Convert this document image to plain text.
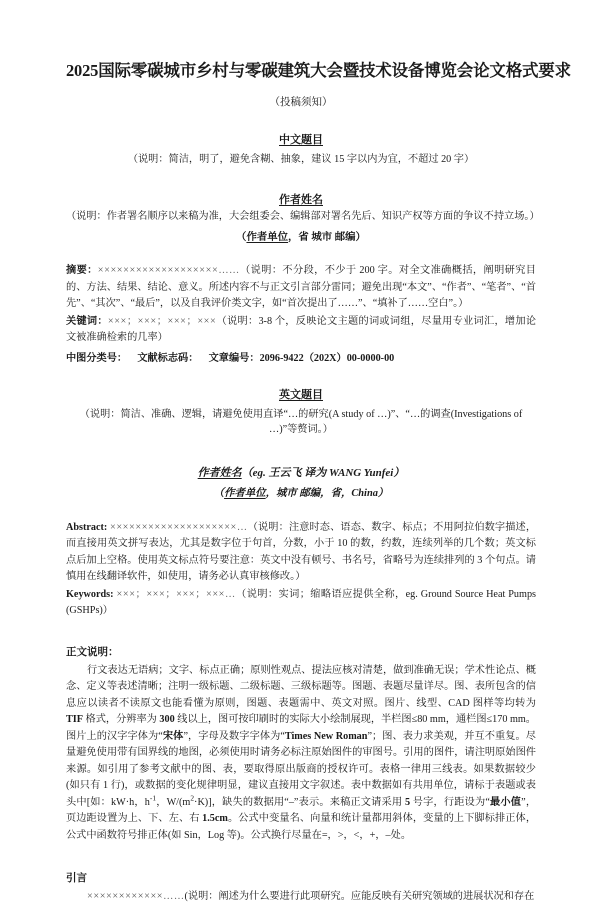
2025国际零碳城市乡村与零碳建筑大会暨技术设备博览会论文格式要求
（投稿须知）
中文题目
（说明：简洁，明了，避免含糊、抽象，建议 15 字以内为宜，不超过 20 字）
作者姓名
（说明：作者署名顺序以来稿为准，大会组委会、编辑部对署名先后、知识产权等方面的争议不持立场。）
（作者单位，省 城市 邮编）

摘要：×××××××××××××××××××……（说明：不分段，不少于 200 字。对全文准确概括，阐明研究目的、方法、结果、结论、意义。所述内容不与正文引言部分雷同；避免出现“本文”、“作者”、“笔者”、“首先”、“其次”、“最后”，以及自我评价类文字，如“首次提出了……”、“填补了……空白”。）

关键词：×××；×××；×××；×××（说明：3-8 个，反映论文主题的词或词组，尽量用专业词汇，增加论文被准确检索的几率）

中图分类号： 文献标志码： 文章编号：2096-9422（202X）00-0000-00
英文题目
（说明：简洁、准确、逻辑，请避免使用直译“…的研究(A study of …)”、“…的调查(Investigations of …)”等赘词。）
作者姓名（eg. 王云飞 译为 WANG Yunfei）
（作者单位，城市 邮编，省，China）

Abstract: ××××××××××××××××××××…（说明：注意时态、语态、数字、标点；不用阿拉伯数字描述，而直接用英文拼写表达，尤其是数字位于句首，分数，小于 10 的数，约数，连续列举的几个数；英文标点后加上空格。使用英文标点符号要注意：英文中没有顿号、书名号，省略号为连续排列的 3 个句点。请慎用在线翻译软件，如使用，请务必认真审核修改。）

Keywords: ×××；×××；×××；×××…（说明：实词；缩略语应提供全称，eg. Ground Source Heat Pumps (GSHPs)）

正文说明：

行文表达无语病；文字、标点正确；原则性观点、提法应核对清楚，做到准确无误；学术性论点、概念、定义等表述清晰；注明一级标题、二级标题、三级标题等。图题、表题尽量详尽。图、表所包含的信息应以读者不读原文也能看懂为原则，图题、表题需中、英文对照。图片、线型、CAD 图样等均转为 TIF 格式，分辨率为 300 线以上，图可按印刷时的实际大小绘制展现，半栏图≤80 mm，通栏图≤170 mm。图片上的汉字字体为“宋体”，字母及数字字体为“Times New Roman”；图、表力求美观，并互不重复。尽量避免使用带有国界线的地图，必须使用时请务必标注原始图件的审图号。引用的图件，请注明原始图件来源。如引用了参考文献中的图、表，要取得原出版商的授权许可。表格一律用三线表。如果数据较少(如只有 1 行)，或数据的变化规律明显，建议直接用文字叙述。表中数据如有共用单位，请标于表题或表头中[如：kW·h，$h^{-1}$，$W/(m^2\cdot K)$]，缺失的数据用“–”表示。来稿正文请采用 5 号字，行距设为“最小值”，页边距设置为上、下、左、右 1.5cm。公式中变量名、向量和统计量都用斜体，变量的上下脚标排正体，公式中函数符号排正体(如 Sin，Log 等)。公式换行尽量在=，>，<，+，–处。

引言

××××××××××××……(说明：阐述为什么要进行此项研究。应能反映有关研究领域的进展状况和存在
